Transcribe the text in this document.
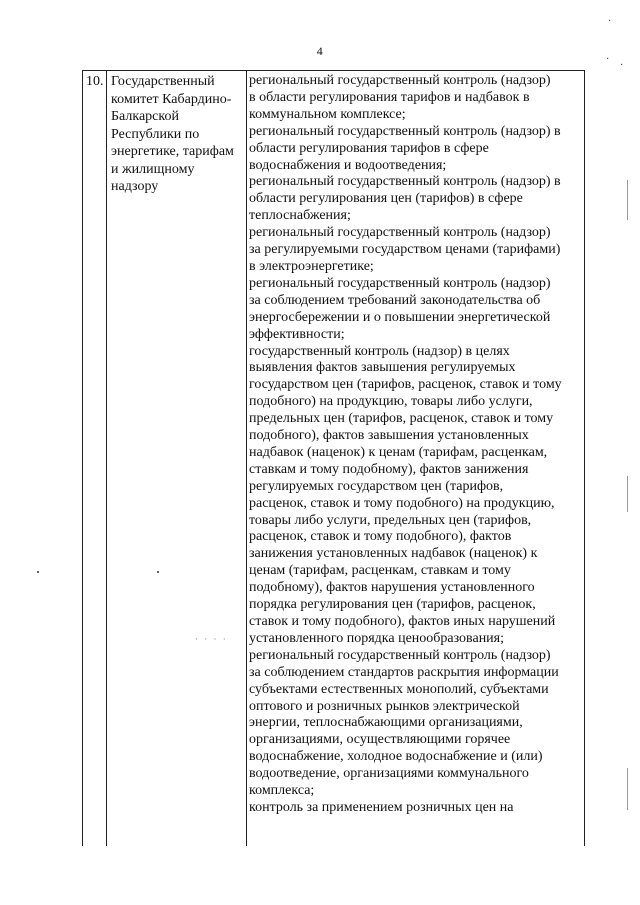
4
·
·
·
10. Государственный
комитет Кабардино-
Балкарской
Республики по
энергетике, тарифам
и жилищному
надзору
· · · ·
региональный государственный контроль (надзор)
в области регулирования тарифов и надбавок в
коммунальном комплексе;
региональный государственный контроль (надзор) в
области регулирования тарифов в сфере
водоснабжения и водоотведения;
региональный государственный контроль (надзор) в
области регулирования цен (тарифов) в сфере
теплоснабжения;
региональный государственный контроль (надзор)
за регулируемыми государством ценами (тарифами)
в электроэнергетике;
региональный государственный контроль (надзор)
за соблюдением требований законодательства об
энергосбережении и о повышении энергетической
эффективности;
государственный контроль (надзор) в целях
выявления фактов завышения регулируемых
государством цен (тарифов, расценок, ставок и тому
подобного) на продукцию, товары либо услуги,
предельных цен (тарифов, расценок, ставок и тому
подобного), фактов завышения установленных
надбавок (наценок) к ценам (тарифам, расценкам,
ставкам и тому подобному), фактов занижения
регулируемых государством цен (тарифов,
расценок, ставок и тому подобного) на продукцию,
товары либо услуги, предельных цен (тарифов,
расценок, ставок и тому подобного), фактов
занижения установленных надбавок (наценок) к
ценам (тарифам, расценкам, ставкам и тому
подобному), фактов нарушения установленного
порядка регулирования цен (тарифов, расценок,
ставок и тому подобного), фактов иных нарушений
установленного порядка ценообразования;
региональный государственный контроль (надзор)
за соблюдением стандартов раскрытия информации
субъектами естественных монополий, субъектами
оптового и розничных рынков электрической
энергии, теплоснабжающими организациями,
организациями, осуществляющими горячее
водоснабжение, холодное водоснабжение и (или)
водоотведение, организациями коммунального
комплекса;
контроль за применением розничных цен на
